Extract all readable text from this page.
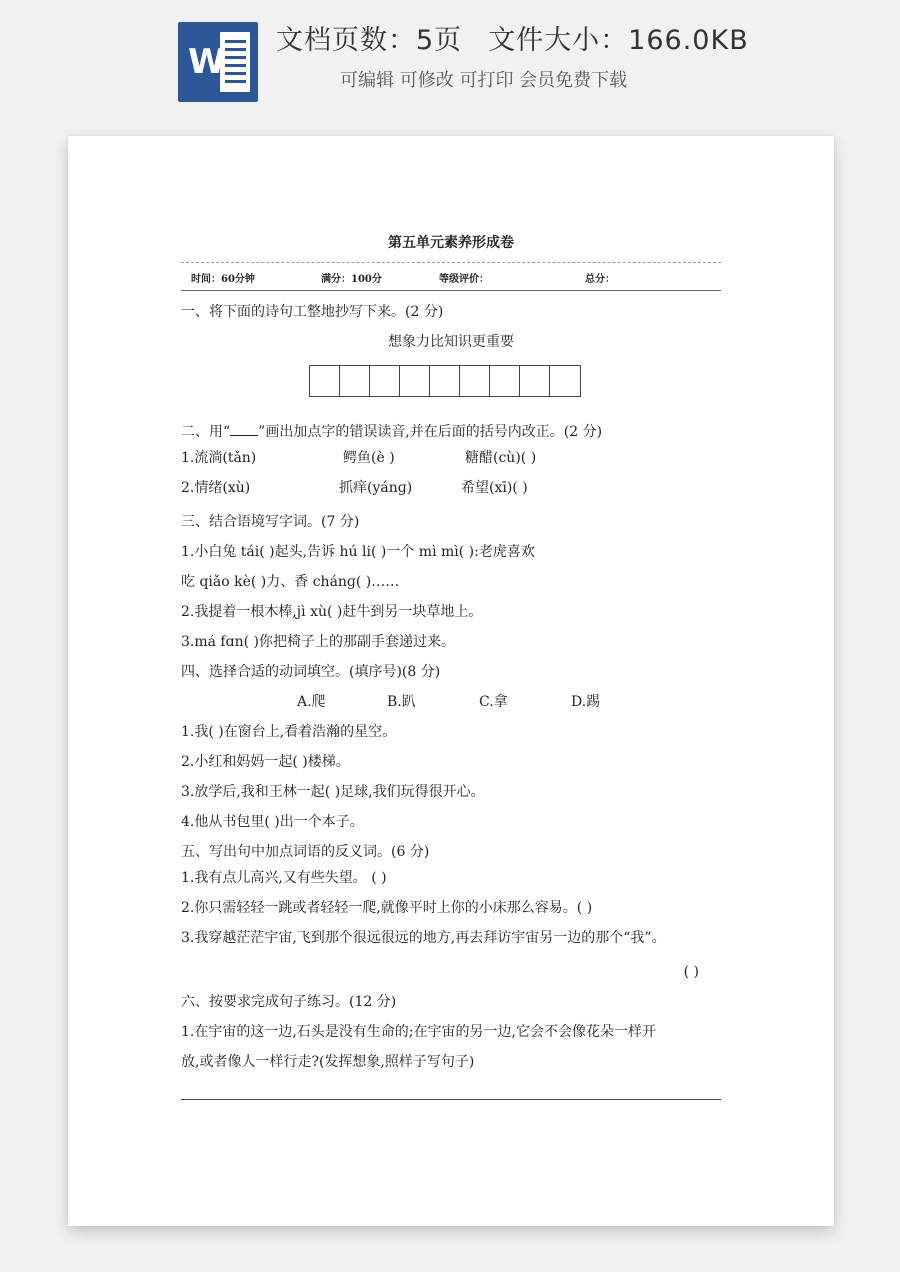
W
文档页数：5页 文件大小：166.0KB
可编辑 可修改 可打印 会员免费下载
第五单元素养形成卷
时间：60分钟	满分：100分	等级评价：	总分：
一、将下面的诗句工整地抄写下来。(2 分)
想象力比知识更重要
二、用“ ”画出加点字的错误读音,并在后面的括号内改正。(2 分)
1.流淌(tǎn)	鳄鱼(è )	糖醋(cù)( )
2.情绪(xù)	抓痒(yánɡ)	希望(xī)( )
三、结合语境写字词。(7 分)
1.小白兔 tái( )起头,告诉 hú li( )一个 mì mì( ):老虎喜欢
吃 qiǎo kè( )力、香 chánɡ( )……
2.我提着一根木棒,jì xù( )赶牛到另一块草地上。
3.má fɑn( )你把椅子上的那副手套递过来。
四、选择合适的动词填空。(填序号)(8 分)
A.爬	B.趴	C.拿	D.踢
1.我( )在窗台上,看着浩瀚的星空。
2.小红和妈妈一起( )楼梯。
3.放学后,我和王林一起( )足球,我们玩得很开心。
4.他从书包里( )出一个本子。
五、写出句中加点词语的反义词。(6 分)
1.我有点儿高兴,又有些失望。 ( )
2.你只需轻轻一跳或者轻轻一爬,就像平时上你的小床那么容易。( )
3.我穿越茫茫宇宙,飞到那个很远很远的地方,再去拜访宇宙另一边的那个“我”。
( )
六、按要求完成句子练习。(12 分)
1.在宇宙的这一边,石头是没有生命的;在宇宙的另一边,它会不会像花朵一样开
放,或者像人一样行走?(发挥想象,照样子写句子)
